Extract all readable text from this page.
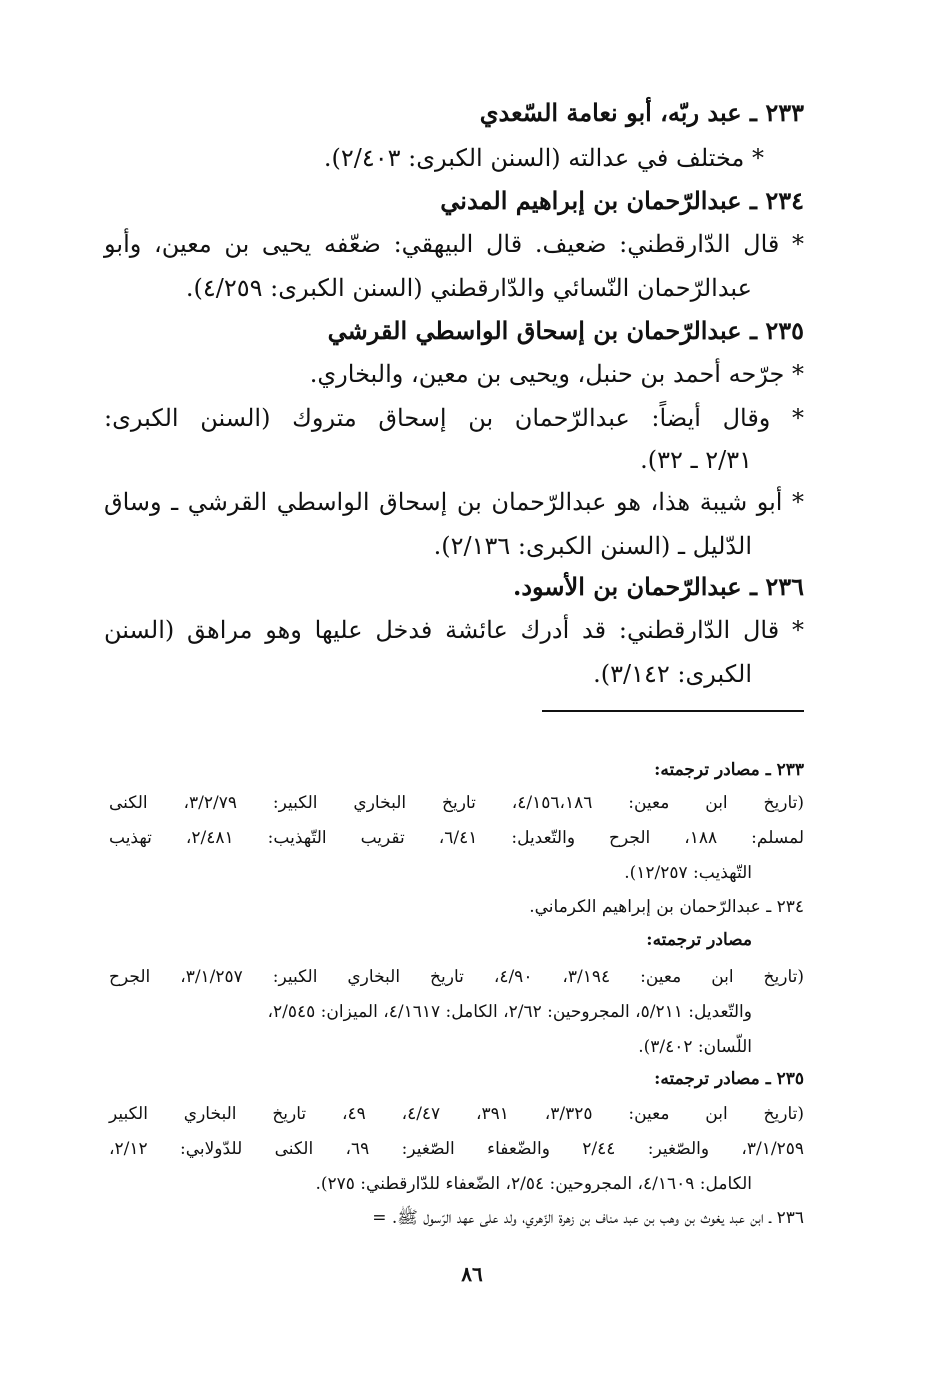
٢٣٣ ـ عبد ربّه، أبو نعامة السّعدي
* مختلف في عدالته (السنن الكبرى: ٢/٤٠٣).
٢٣٤ ـ عبدالرّحمان بن إبراهيم المدني
* قال الدّارقطني: ضعيف. قال البيهقي: ضعّفه يحيى بن معين، وأبو
عبدالرّحمان النّسائي والدّارقطني (السنن الكبرى: ٤/٢٥٩).
٢٣٥ ـ عبدالرّحمان بن إسحاق الواسطي القرشي
* جرّحه أحمد بن حنبل، ويحيى بن معين، والبخاري.
* وقال أيضاً: عبدالرّحمان بن إسحاق متروك (السنن الكبرى:
٢/٣١ ـ ٣٢).
* أبو شيبة هذا، هو عبدالرّحمان بن إسحاق الواسطي القرشي ـ وساق
الدّليل ـ (السنن الكبرى: ٢/١٣٦).
٢٣٦ ـ عبدالرّحمان بن الأسود.
* قال الدّارقطني: قد أدرك عائشة فدخل عليها وهو مراهق (السنن
الكبرى: ٣/١٤٢).
٢٣٣ ـ مصادر ترجمته:
(تاريخ ابن معين: ٤/١٥٦،١٨٦، تاريخ البخاري الكبير: ٣/٢/٧٩، الكنى
لمسلم: ١٨٨، الجرح والتّعديل: ٦/٤١، تقريب التّهذيب: ٢/٤٨١، تهذيب
التّهذيب: ١٢/٢٥٧).
٢٣٤ ـ عبدالرّحمان بن إبراهيم الكرماني.
مصادر ترجمته:
(تاريخ ابن معين: ٣/١٩٤، ٤/٩٠، تاريخ البخاري الكبير: ٣/١/٢٥٧، الجرح
والتّعديل: ٥/٢١١، المجروحين: ٢/٦٢، الكامل: ٤/١٦١٧، الميزان: ٢/٥٤٥،
اللّسان: ٣/٤٠٢).
٢٣٥ ـ مصادر ترجمته:
(تاريخ ابن معين: ٣/٣٢٥، ٣٩١، ٤/٤٧، ٤٩، تاريخ البخاري الكبير
٣/١/٢٥٩، والصّغير: ٢/٤٤ والضّعفاء الصّغير: ٦٩، الكنى للدّولابي: ٢/١٢،
الكامل: ٤/١٦٠٩، المجروحين: ٢/٥٤، الضّعفاء للدّارقطني: ٢٧٥).
٢٣٦ ـ ابن عبد يغوث بن وهب بن عبد مناف بن زهرة الزّهري، ولد على عهد الرّسول ﷺ. =
٨٦
